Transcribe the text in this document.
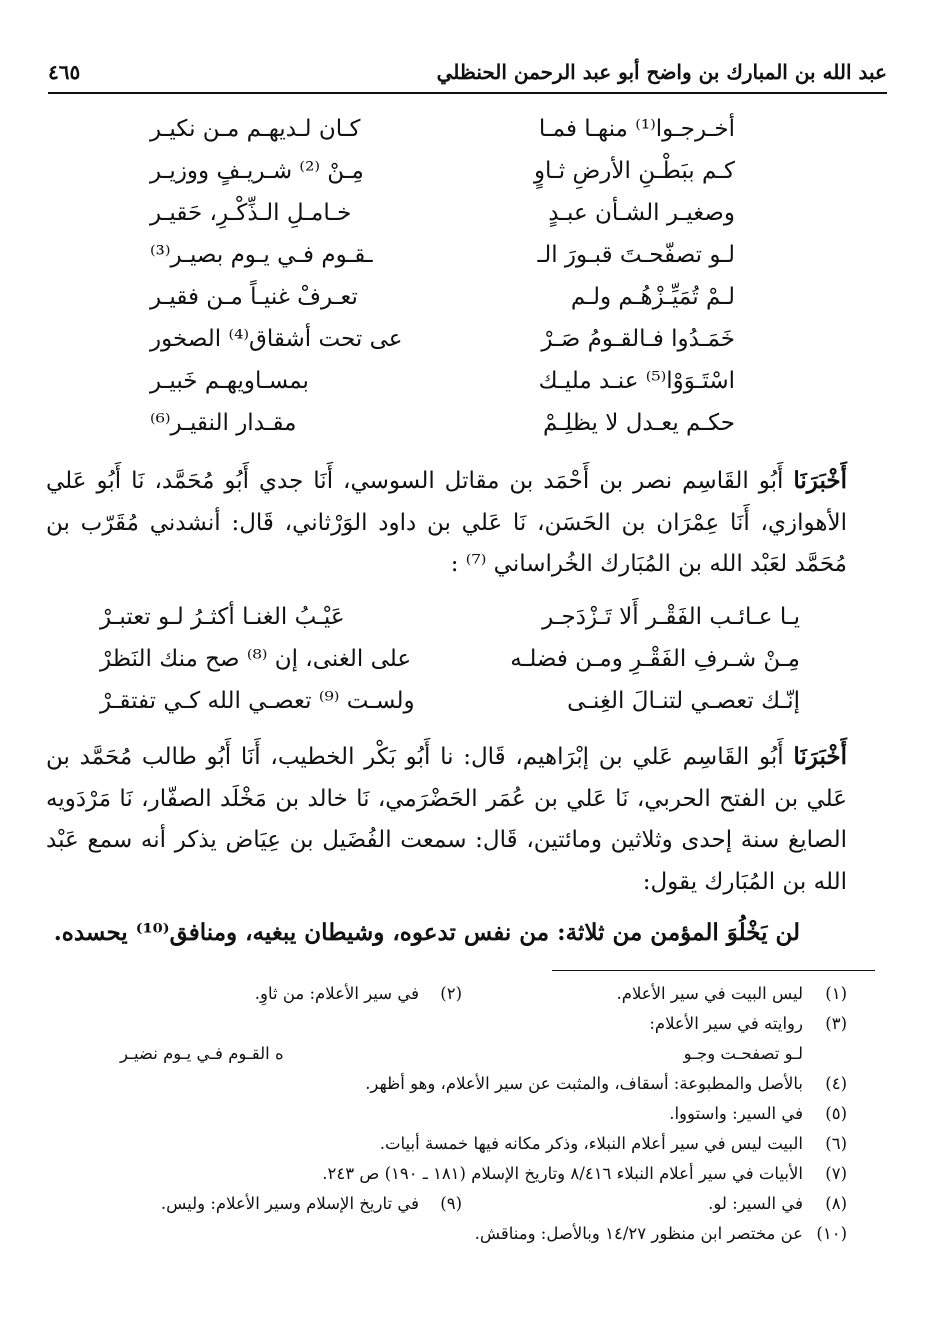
عبد الله بن المبارك بن واضح أبو عبد الرحمن الحنظلي
٤٦٥
أخـرجـوا⁽¹⁾ منهـا فمـا
كـان لـديهـم مـن نكيـر
كـم ببَطْـنِ الأرضِ ثـاوٍ
مِـنْ ⁽²⁾ شـريـفٍ ووزيـر
وصغيـر الشـأن عبـدٍ
خـامـلِ الـذِّكْـرِ، حَقيـر
لـو تصفّحـتَ قبـورَ الـ
ـقـوم فـي يـوم بصيـر⁽³⁾
لـمْ تُمَيِّـزْهُـم ولـم
تعـرفْ غنيـاً مـن فقيـر
خَمَـدُوا فـالقـومُ صَـرْ
عى تحت أشقاق⁽⁴⁾ الصخور
اسْتَـوَوْا⁽⁵⁾ عنـد مليـك
بمسـاويهـم خَبيـر
حكـم يعـدل لا يظلِـمْ
مقـدار النقيـر⁽⁶⁾

أَخْبَرَنَا أَبُو القَاسِم نصر بن أَحْمَد بن مقاتل السوسي، أَنَا جدي أَبُو مُحَمَّد، نَا أَبُو عَلي الأهوازي، أَنَا عِمْرَان بن الحَسَن، نَا عَلي بن داود الوَرْثاني، قَال: أنشدني مُقَرّب بن مُحَمَّد لعَبْد الله بن المُبَارك الخُراساني ⁽⁷⁾ :

يـا عـائـب الفَقْـر أَلا تَـزْدَجـر
عَيْـبُ الغنـا أكثـرُ لـو تعتبـرْ
مِـنْ شـرفِ الفَقْـرِ ومـن فضلـه
على الغنى، إن ⁽⁸⁾ صح منك النَظرْ
إنّـك تعصـي لتنـالَ الغِنـى
ولسـت ⁽⁹⁾ تعصـي الله كـي تفتقـرْ

أَخْبَرَنَا أَبُو القَاسِم عَلي بن إبْرَاهيم، قَال: نا أَبُو بَكْر الخطيب، أَنَا أَبُو طالب مُحَمَّد بن عَلي بن الفتح الحربي، نَا عَلي بن عُمَر الحَضْرَمي، نَا خالد بن مَخْلَد الصفّار، نَا مَرْدَويه الصايغ سنة إحدى وثلاثين ومائتين، قَال: سمعت الفُضَيل بن عِيَاض يذكر أنه سمع عَبْد الله بن المُبَارك يقول:

لن يَخْلُوَ المؤمن من ثلاثة: من نفس تدعوه، وشيطان يبغيه، ومنافق⁽¹⁰⁾ يحسده.
(١)
ليس البيت في سير الأعلام.
(٢)
في سير الأعلام: من ثاوِ.
(٣)
روايته في سير الأعلام:
لـو تصفحـت وجـو
ه القـوم فـي يـوم نضيـر
(٤)
بالأصل والمطبوعة: أسقاف، والمثبت عن سير الأعلام، وهو أظهر.
(٥)
في السير: واستووا.
(٦)
البيت ليس في سير أعلام النبلاء، وذكر مكانه فيها خمسة أبيات.
(٧)
الأبيات في سير أعلام النبلاء ٨/٤١٦ وتاريخ الإسلام (١٨١ ـ ١٩٠) ص ٢٤٣.
(٨)
في السير: لو.
(٩)
في تاريخ الإسلام وسير الأعلام: وليس.
(١٠)
عن مختصر ابن منظور ١٤/٢٧ وبالأصل: ومناقش.
